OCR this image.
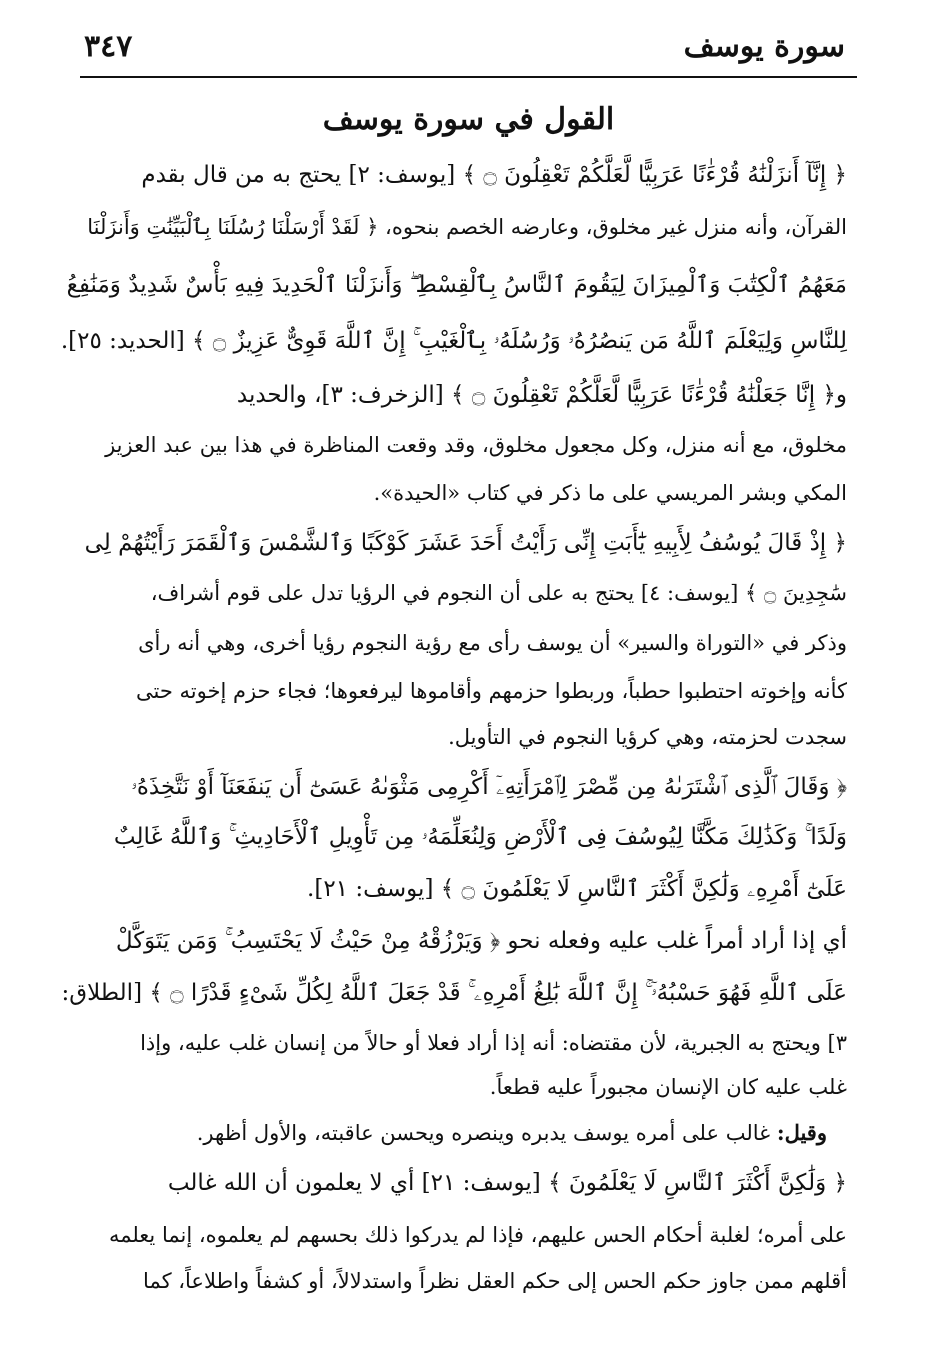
سورة يوسف
٣٤٧
القول في سورة يوسف
﴿ إِنَّآ أَنزَلْنَٰهُ قُرْءَٰنًا عَرَبِيًّا لَّعَلَّكُمْ تَعْقِلُونَ ۝ ﴾ [يوسف: ٢] يحتج به من قال بقدم
القرآن، وأنه منزل غير مخلوق، وعارضه الخصم بنحوه، ﴿ لَقَدْ أَرْسَلْنَا رُسُلَنَا بِٱلْبَيِّنَٰتِ وَأَنزَلْنَا
مَعَهُمُ ٱلْكِتَٰبَ وَٱلْمِيزَانَ لِيَقُومَ ٱلنَّاسُ بِٱلْقِسْطِ ۖ وَأَنزَلْنَا ٱلْحَدِيدَ فِيهِ بَأْسٌ شَدِيدٌ وَمَنَٰفِعُ
لِلنَّاسِ وَلِيَعْلَمَ ٱللَّهُ مَن يَنصُرُهُۥ وَرُسُلَهُۥ بِٱلْغَيْبِ ۚ إِنَّ ٱللَّهَ قَوِىٌّ عَزِيزٌ ۝ ﴾ [الحديد: ٢٥].
و﴿ إِنَّا جَعَلْنَٰهُ قُرْءَٰنًا عَرَبِيًّا لَّعَلَّكُمْ تَعْقِلُونَ ۝ ﴾ [الزخرف: ٣]، والحديد
مخلوق، مع أنه منزل، وكل مجعول مخلوق، وقد وقعت المناظرة في هذا بين عبد العزيز
المكي وبشر المريسي على ما ذكر في كتاب «الحيدة».
﴿ إِذْ قَالَ يُوسُفُ لِأَبِيهِ يَٰٓأَبَتِ إِنِّى رَأَيْتُ أَحَدَ عَشَرَ كَوْكَبًا وَٱلشَّمْسَ وَٱلْقَمَرَ رَأَيْتُهُمْ لِى
سَٰجِدِينَ ۝ ﴾ [يوسف: ٤] يحتج به على أن النجوم في الرؤيا تدل على قوم أشراف،
وذكر في «التوراة والسير» أن يوسف رأى مع رؤية النجوم رؤيا أخرى، وهي أنه رأى
كأنه وإخوته احتطبوا حطباً، وربطوا حزمهم وأقاموها ليرفعوها؛ فجاء حزم إخوته حتى
سجدت لحزمته، وهي كرؤيا النجوم في التأويل.
﴿ وَقَالَ ٱلَّذِى ٱشْتَرَىٰهُ مِن مِّصْرَ لِٱمْرَأَتِهِۦٓ أَكْرِمِى مَثْوَىٰهُ عَسَىٰٓ أَن يَنفَعَنَآ أَوْ نَتَّخِذَهُۥ
وَلَدًا ۚ وَكَذَٰلِكَ مَكَّنَّا لِيُوسُفَ فِى ٱلْأَرْضِ وَلِنُعَلِّمَهُۥ مِن تَأْوِيلِ ٱلْأَحَادِيثِ ۚ وَٱللَّهُ غَالِبٌ
عَلَىٰٓ أَمْرِهِۦ وَلَٰكِنَّ أَكْثَرَ ٱلنَّاسِ لَا يَعْلَمُونَ ۝ ﴾ [يوسف: ٢١].
أي إذا أراد أمراً غلب عليه وفعله نحو ﴿ وَيَرْزُقْهُ مِنْ حَيْثُ لَا يَحْتَسِبُ ۚ وَمَن يَتَوَكَّلْ
عَلَى ٱللَّهِ فَهُوَ حَسْبُهُۥٓ ۚ إِنَّ ٱللَّهَ بَٰلِغُ أَمْرِهِۦ ۚ قَدْ جَعَلَ ٱللَّهُ لِكُلِّ شَىْءٍ قَدْرًا ۝ ﴾ [الطلاق:
٣] ويحتج به الجبرية، لأن مقتضاه: أنه إذا أراد فعلا أو حالاً من إنسان غلب عليه، وإذا
غلب عليه كان الإنسان مجبوراً عليه قطعاً.
وقيل: غالب على أمره يوسف يدبره وينصره ويحسن عاقبته، والأول أظهر.
﴿ وَلَٰكِنَّ أَكْثَرَ ٱلنَّاسِ لَا يَعْلَمُونَ ﴾ [يوسف: ٢١] أي لا يعلمون أن الله غالب
على أمره؛ لغلبة أحكام الحس عليهم، فإذا لم يدركوا ذلك بحسهم لم يعلموه، إنما يعلمه
أقلهم ممن جاوز حكم الحس إلى حكم العقل نظراً واستدلالاً، أو كشفاً واطلاعاً، كما
